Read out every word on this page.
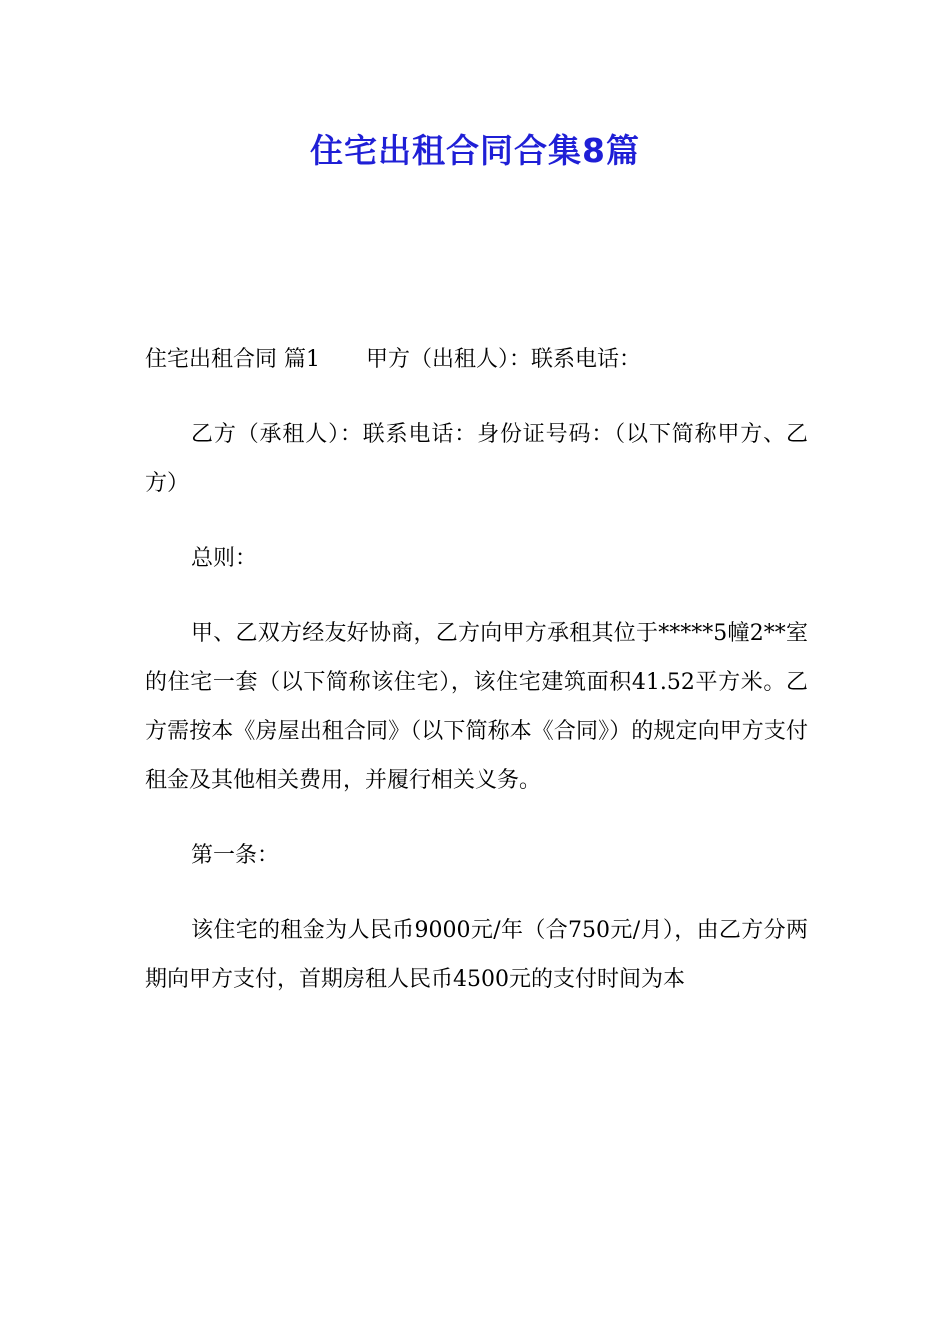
住宅出租合同合集8篇

住宅出租合同 篇1 甲方（出租人）：联系电话：

乙方（承租人）：联系电话：身份证号码：（以下简称甲方、乙方）

总则：

甲、乙双方经友好协商，乙方向甲方承租其位于*****5幢2**室的住宅一套（以下简称该住宅），该住宅建筑面积41.52平方米。乙方需按本《房屋出租合同》（以下简称本《合同》）的规定向甲方支付租金及其他相关费用，并履行相关义务。

第一条：

该住宅的租金为人民币9000元/年（合750元/月），由乙方分两期向甲方支付，首期房租人民币4500元的支付时间为本
